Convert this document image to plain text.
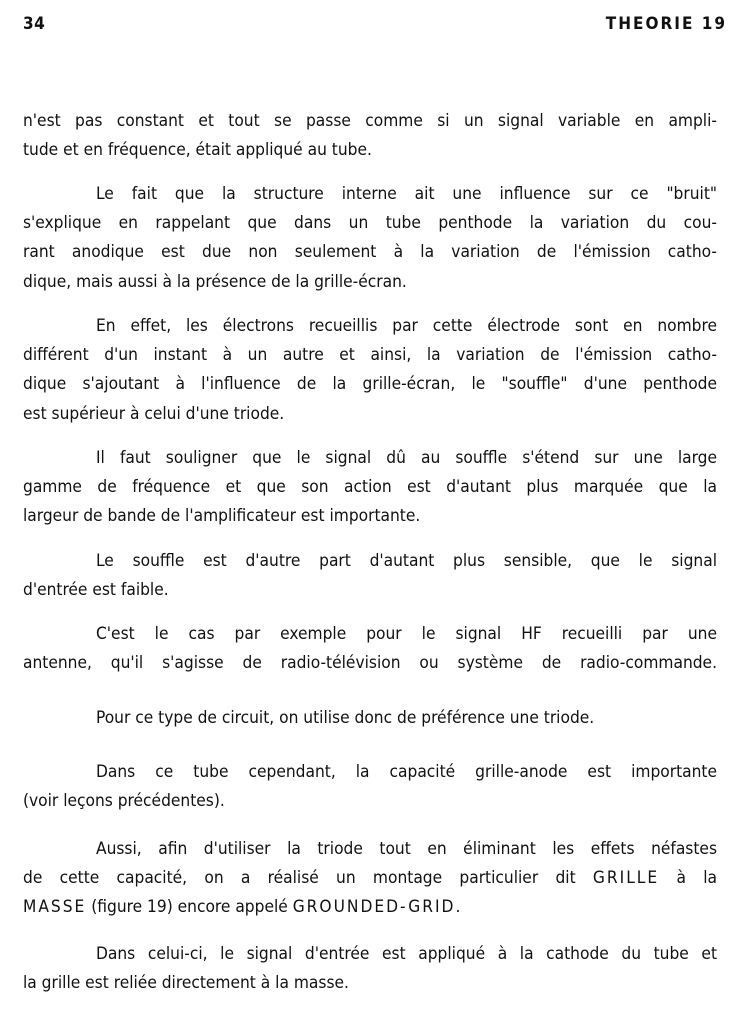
34	THEORIE 19
n'est pas constant et tout se passe comme si un signal variable en ampli-
tude et en fréquence, était appliqué au tube.
Le fait que la structure interne ait une influence sur ce "bruit"
s'explique en rappelant que dans un tube penthode la variation du cou-
rant anodique est due non seulement à la variation de l'émission catho-
dique, mais aussi à la présence de la grille-écran.
En effet, les électrons recueillis par cette électrode sont en nombre
différent d'un instant à un autre et ainsi, la variation de l'émission catho-
dique s'ajoutant à l'influence de la grille-écran, le "souffle" d'une penthode
est supérieur à celui d'une triode.
Il faut souligner que le signal dû au souffle s'étend sur une large
gamme de fréquence et que son action est d'autant plus marquée que la
largeur de bande de l'amplificateur est importante.
Le souffle est d'autre part d'autant plus sensible, que le signal
d'entrée est faible.
C'est le cas par exemple pour le signal HF recueilli par une
antenne, qu'il s'agisse de radio-télévision ou système de radio-commande.
Pour ce type de circuit, on utilise donc de préférence une triode.
Dans ce tube cependant, la capacité grille-anode est importante
(voir leçons précédentes).
Aussi, afin d'utiliser la triode tout en éliminant les effets néfastes
de cette capacité, on a réalisé un montage particulier dit GRILLE à la
MASSE (figure 19) encore appelé GROUNDED-GRID.
Dans celui-ci, le signal d'entrée est appliqué à la cathode du tube et
la grille est reliée directement à la masse.
